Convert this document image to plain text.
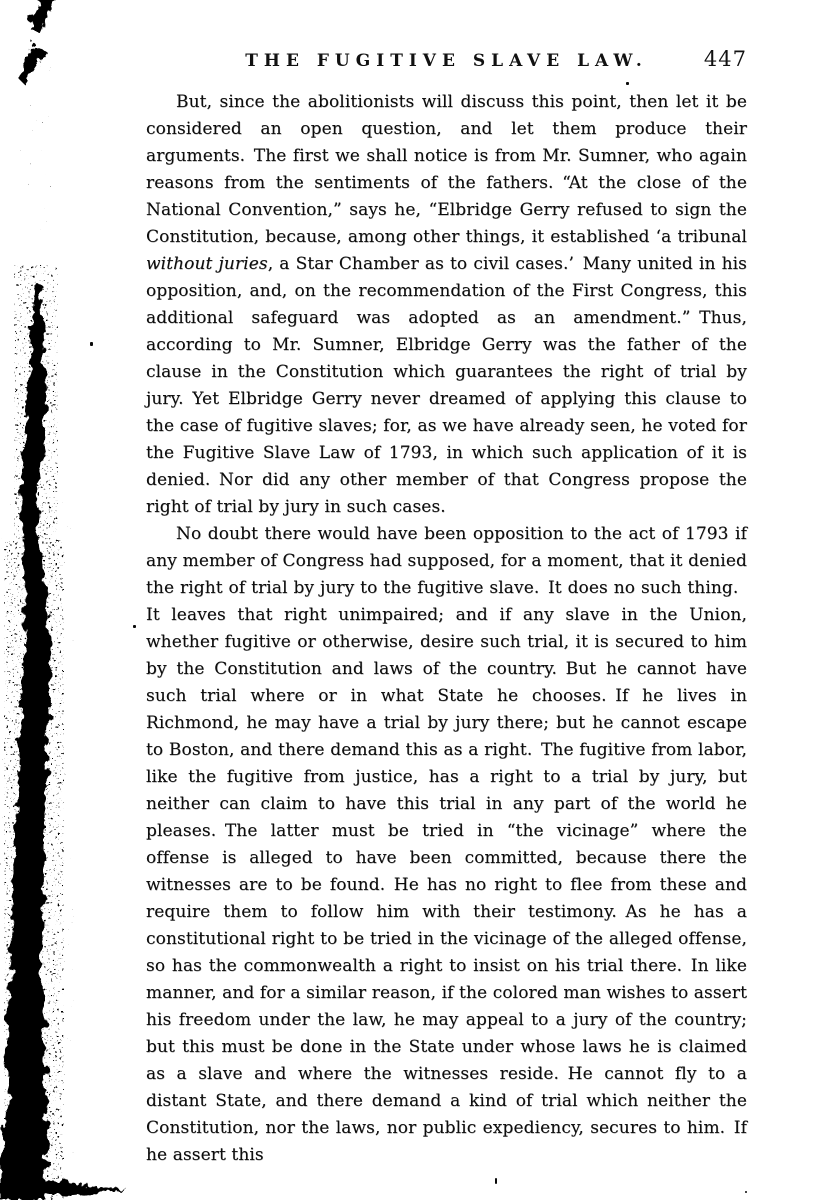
THE FUGITIVE SLAVE LAW.	447

But, since the abolitionists will discuss this point, then let it be considered an open question, and let them produce their arguments. The first we shall notice is from Mr. Sumner, who again reasons from the sentiments of the fathers. “At the close of the National Convention,” says he, “Elbridge Gerry refused to sign the Constitution, because, among other things, it established ‘a tribunal without juries, a Star Chamber as to civil cases.’ Many united in his opposition, and, on the recommendation of the First Congress, this additional safeguard was adopted as an amendment.” Thus, according to Mr. Sumner, Elbridge Gerry was the father of the clause in the Constitution which guarantees the right of trial by jury. Yet Elbridge Gerry never dreamed of applying this clause to the case of fugitive slaves; for, as we have already seen, he voted for the Fugitive Slave Law of 1793, in which such application of it is denied. Nor did any other member of that Congress propose the right of trial by jury in such cases.

No doubt there would have been opposition to the act of 1793 if any member of Congress had supposed, for a moment, that it denied the right of trial by jury to the fugitive slave. It does no such thing. It leaves that right unimpaired; and if any slave in the Union, whether fugitive or otherwise, desire such trial, it is secured to him by the Constitution and laws of the country. But he cannot have such trial where or in what State he chooses. If he lives in Richmond, he may have a trial by jury there; but he cannot escape to Boston, and there demand this as a right. The fugitive from labor, like the fugitive from justice, has a right to a trial by jury, but neither can claim to have this trial in any part of the world he pleases. The latter must be tried in “the vicinage” where the offense is alleged to have been committed, because there the witnesses are to be found. He has no right to flee from these and require them to follow him with their testimony. As he has a constitutional right to be tried in the vicinage of the alleged offense, so has the commonwealth a right to insist on his trial there. In like manner, and for a similar reason, if the colored man wishes to assert his freedom under the law, he may appeal to a jury of the country; but this must be done in the State under whose laws he is claimed as a slave and where the witnesses reside. He cannot fly to a distant State, and there demand a kind of trial which neither the Constitution, nor the laws, nor public expediency, secures to him. If he assert this
